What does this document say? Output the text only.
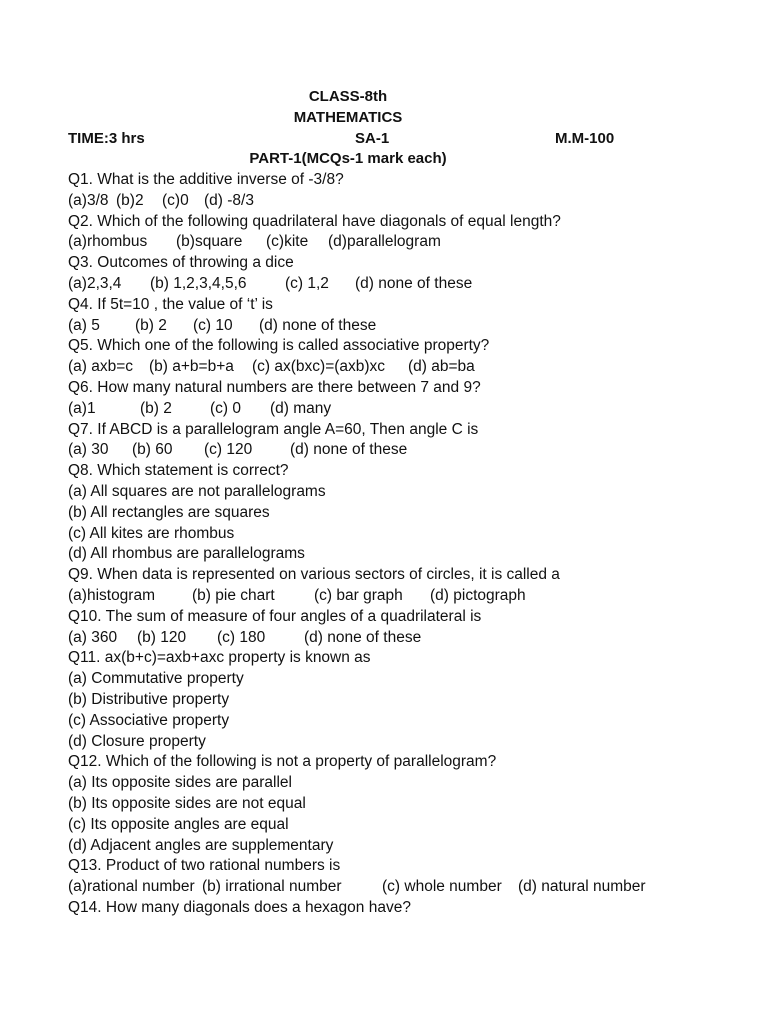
CLASS-8th
MATHEMATICS
TIME:3 hrs	SA-1	M.M-100
PART-1(MCQs-1 mark each)
Q1. What is the additive inverse of -3/8?
(a)3/8 (b)2 (c)0 (d) -8/3
Q2. Which of the following quadrilateral have diagonals of equal length?
(a)rhombus (b)square (c)kite (d)parallelogram
Q3. Outcomes of throwing a dice
(a)2,3,4 (b) 1,2,3,4,5,6 (c) 1,2 (d) none of these
Q4. If 5t=10 , the value of ‘t’ is
(a) 5 (b) 2 (c) 10 (d) none of these
Q5. Which one of the following is called associative property?
(a) axb=c (b) a+b=b+a (c) ax(bxc)=(axb)xc (d) ab=ba
Q6. How many natural numbers are there between 7 and 9?
(a)1	(b) 2 (c) 0 (d) many
Q7. If ABCD is a parallelogram angle A=60, Then angle C is
(a) 30 (b) 60 (c) 120 (d) none of these
Q8. Which statement is correct?
(a) All squares are not parallelograms
(b) All rectangles are squares
(c) All kites are rhombus
(d) All rhombus are parallelograms
Q9. When data is represented on various sectors of circles, it is called a
(a)histogram (b) pie chart	(c) bar graph (d) pictograph
Q10. The sum of measure of four angles of a quadrilateral is
(a) 360 (b) 120 (c) 180	(d) none of these
Q11. ax(b+c)=axb+axc property is known as
(a) Commutative property
(b) Distributive property
(c) Associative property
(d) Closure property
Q12. Which of the following is not a property of parallelogram?
(a) Its opposite sides are parallel
(b) Its opposite sides are not equal
(c) Its opposite angles are equal
(d) Adjacent angles are supplementary
Q13. Product of two rational numbers is
(a)rational number (b) irrational number	(c) whole number (d) natural number
Q14. How many diagonals does a hexagon have?
